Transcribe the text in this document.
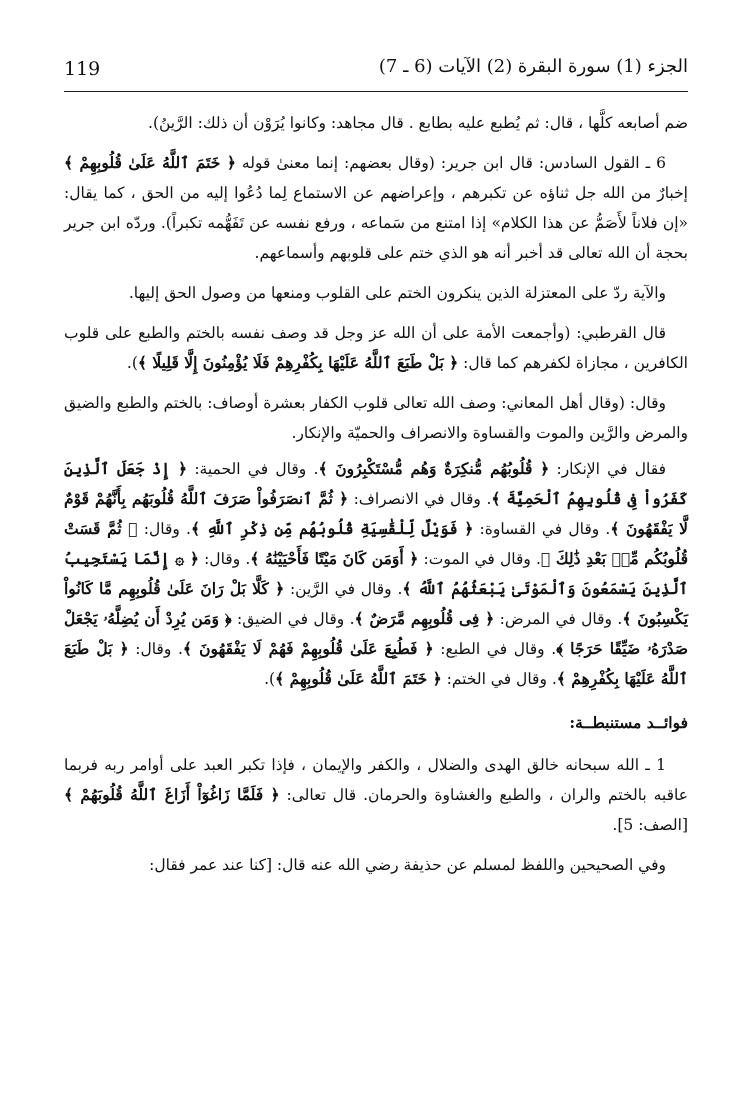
119	الجزء (1) سورة البقرة (2) الآيات (6 ـ 7)

ضم أصابعه كلَّها ، قال: ثم يُطبع عليه بطابع . قال مجاهد: وكانوا يُرَوْن أن ذلك: الرَّينُ).

6 ـ القول السادس: قال ابن جرير: (وقال بعضهم: إنما معنىٰ قوله ﴿ خَتَمَ ٱللَّهُ عَلَىٰ قُلُوبِهِمْ ﴾ إخبارٌ من الله جل ثناؤه عن تكبرهم ، وإعراضهم عن الاستماع لِما دُعُوا إليه من الحق ، كما يقال: «إن فلاناً لأَصَمُّ عن هذا الكلام» إذا امتنع من سَماعه ، ورفع نفسه عن تَفَهُّمه تكبراً). وردّه ابن جرير بحجة أن الله تعالى قد أخبر أنه هو الذي ختم على قلوبهم وأسماعهم.

والآية ردّ على المعتزلة الذين ينكرون الختم على القلوب ومنعها من وصول الحق إليها.

قال القرطبي: (وأجمعت الأمة على أن الله عز وجل قد وصف نفسه بالختم والطبع على قلوب الكافرين ، مجازاة لكفرهم كما قال: ﴿ بَلْ طَبَعَ ٱللَّهُ عَلَيْهَا بِكُفْرِهِمْ فَلَا يُؤْمِنُونَ إِلَّا قَلِيلًا ﴾).

وقال: (وقال أهل المعاني: وصف الله تعالى قلوب الكفار بعشرة أوصاف: بالختم والطبع والضيق والمرض والرَّين والموت والقساوة والانصراف والحميّة والإنكار.

فقال في الإنكار: ﴿ قُلُوبُهُم مُّنكِرَةٌ وَهُم مُّسْتَكْبِرُونَ ﴾. وقال في الحمية: ﴿ إِذْ جَعَلَ ٱلَّذِينَ كَفَرُواْ فِى قُلُوبِهِمُ ٱلْحَمِيَّةَ ﴾. وقال في الانصراف: ﴿ ثُمَّ ٱنصَرَفُواْ صَرَفَ ٱللَّهُ قُلُوبَهُم بِأَنَّهُمْ قَوْمٌ لَّا يَفْقَهُونَ ﴾. وقال في القساوة: ﴿ فَوَيْلٌ لِّلْقَٰسِيَةِ قُلُوبُهُم مِّن ذِكْرِ ٱللَّهِ ﴾. وقال: ﴿ ثُمَّ قَسَتْ قُلُوبُكُم مِّنۢ بَعْدِ ذَٰلِكَ ﴾. وقال في الموت: ﴿ أَوَمَن كَانَ مَيْتًا فَأَحْيَيْنَٰهُ ﴾. وقال: ﴿ ۞ إِنَّمَا يَسْتَجِيبُ ٱلَّذِينَ يَسْمَعُونَ وَٱلْمَوْتَىٰ يَبْعَثُهُمُ ٱللَّهُ ﴾. وقال في الرَّين: ﴿ كَلَّا بَلْ رَانَ عَلَىٰ قُلُوبِهِم مَّا كَانُواْ يَكْسِبُونَ ﴾. وقال في المرض: ﴿ فِى قُلُوبِهِم مَّرَضٌ ﴾. وقال في الضيق: ﴿ وَمَن يُرِدْ أَن يُضِلَّهُۥ يَجْعَلْ صَدْرَهُۥ ضَيِّقًا حَرَجًا ﴾. وقال في الطبع: ﴿ فَطُبِعَ عَلَىٰ قُلُوبِهِمْ فَهُمْ لَا يَفْقَهُونَ ﴾. وقال: ﴿ بَلْ طَبَعَ ٱللَّهُ عَلَيْهَا بِكُفْرِهِمْ ﴾. وقال في الختم: ﴿ خَتَمَ ٱللَّهُ عَلَىٰ قُلُوبِهِمْ ﴾).

فوائــد مستنبطــة:

1 ـ الله سبحانه خالق الهدى والضلال ، والكفر والإيمان ، فإذا تكبر العبد على أوامر ربه فربما عاقبه بالختم والران ، والطبع والغشاوة والحرمان. قال تعالى: ﴿ فَلَمَّا زَاغُوٓاْ أَزَاغَ ٱللَّهُ قُلُوبَهُمْ ﴾ [الصف: 5].

وفي الصحيحين واللفظ لمسلم عن حذيفة رضي الله عنه قال: [كنا عند عمر فقال:
